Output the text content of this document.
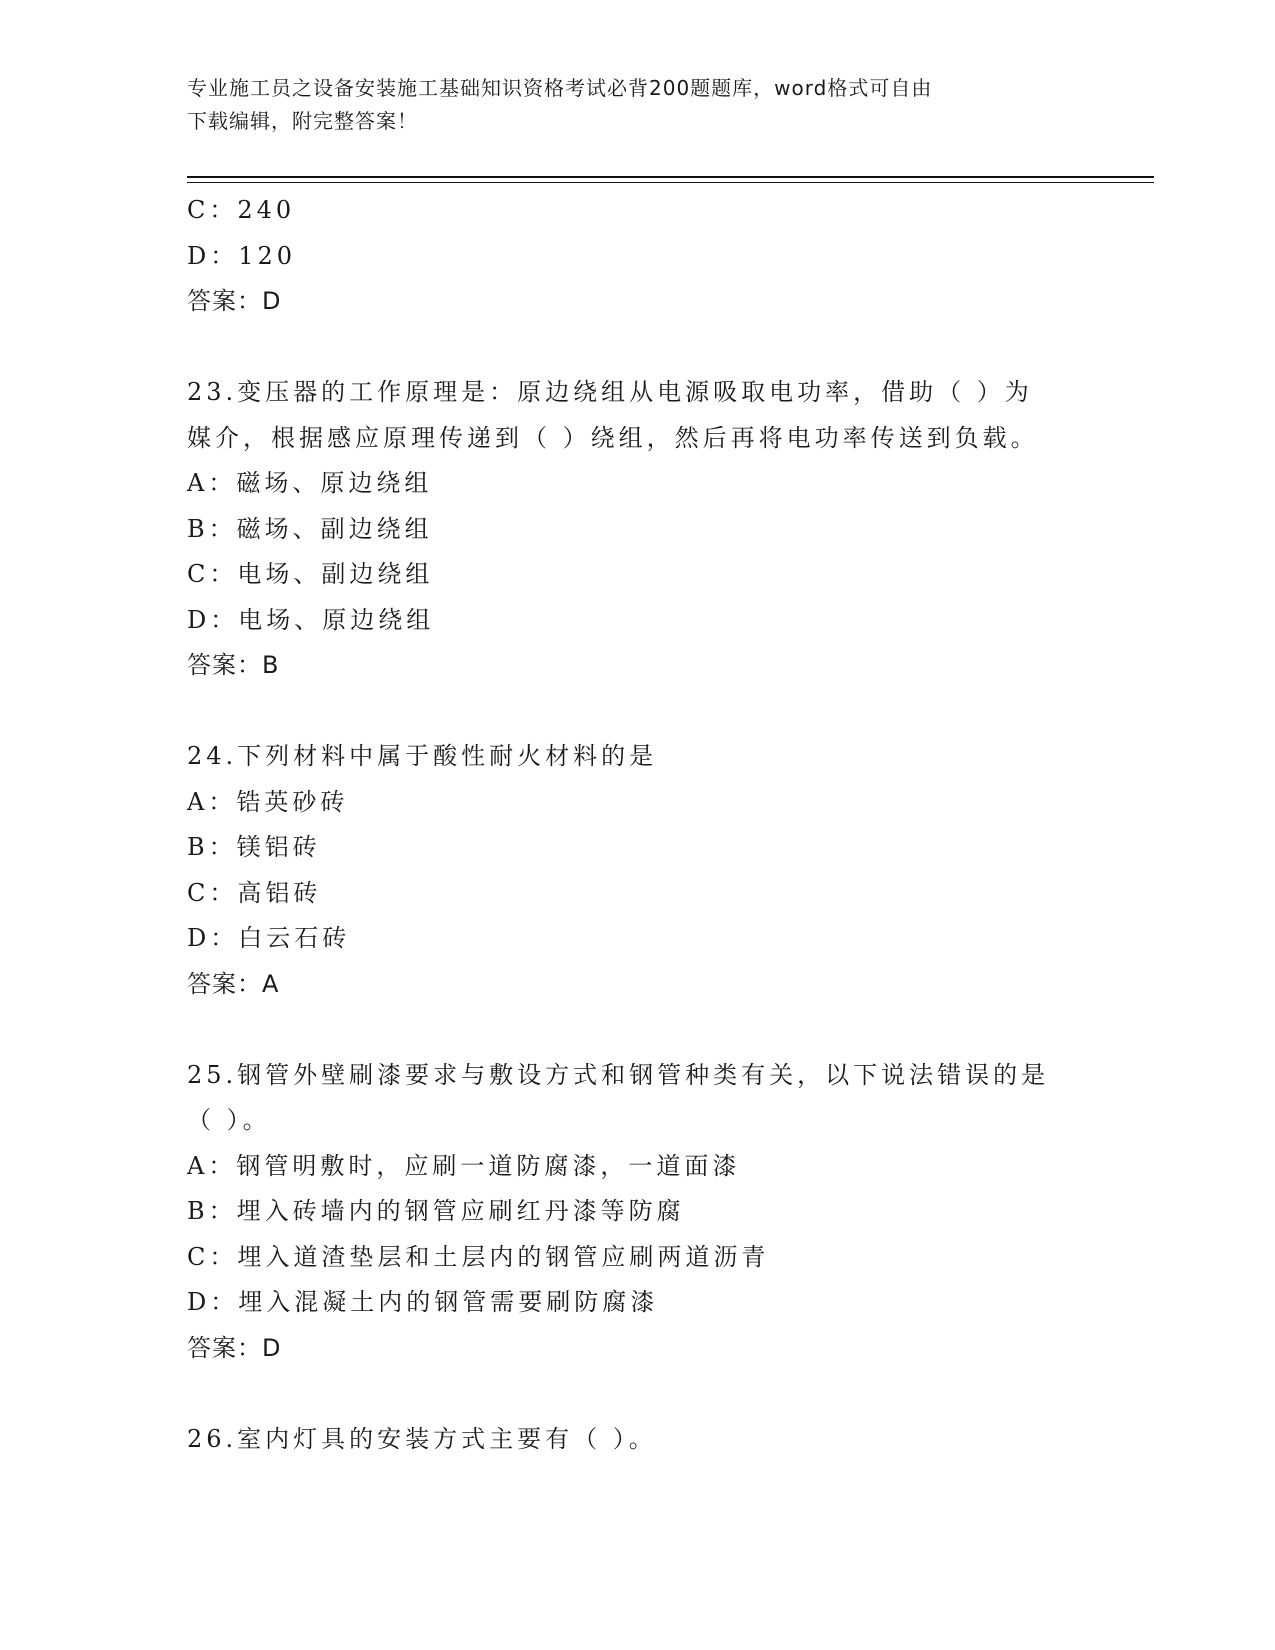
专业施工员之设备安装施工基础知识资格考试必背200题题库，word格式可自由
下载编辑，附完整答案！
C：240
D：120
答案：D
23.变压器的工作原理是：原边绕组从电源吸取电功率，借助（ ）为
媒介，根据感应原理传递到（ ）绕组，然后再将电功率传送到负载。
A：磁场、原边绕组
B：磁场、副边绕组
C：电场、副边绕组
D：电场、原边绕组
答案：B
24.下列材料中属于酸性耐火材料的是
A：锆英砂砖
B：镁铝砖
C：高铝砖
D：白云石砖
答案：A
25.钢管外壁刷漆要求与敷设方式和钢管种类有关，以下说法错误的是
（ ）。
A：钢管明敷时，应刷一道防腐漆，一道面漆
B：埋入砖墙内的钢管应刷红丹漆等防腐
C：埋入道渣垫层和土层内的钢管应刷两道沥青
D：埋入混凝土内的钢管需要刷防腐漆
答案：D
26.室内灯具的安装方式主要有（ ）。
